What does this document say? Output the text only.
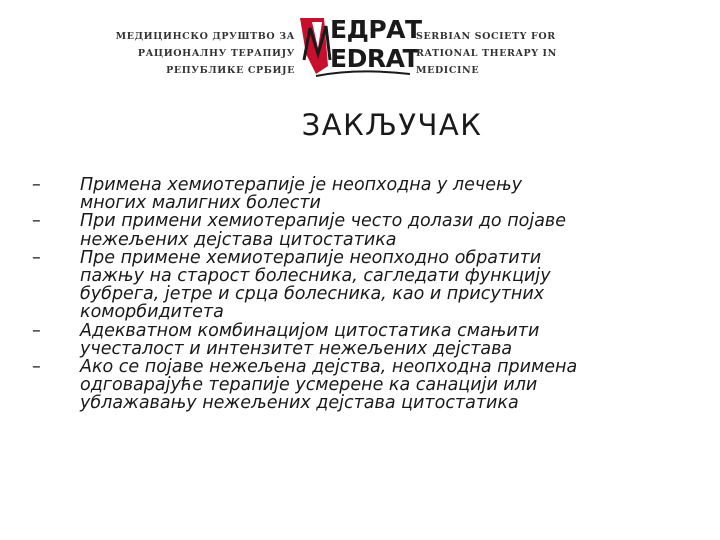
МЕДИЦИНСКО ДРУШТВО ЗА
РАЦИОНАЛНУ ТЕРАПИЈУ РЕПУБЛИКЕ СРБИЈЕ
ЕДРАТ
EDRAT
SERBIAN SOCIETY FOR
RATIONAL THERAPY IN MEDICINE
ЗАКЉУЧАК
– Примена хемиотерапије је неопходна у лечењу
многих малигних болести
– При примени хемиотерапије често долази до појаве
нежељених дејстава цитостатика
– Пре примене хемиотерапије неопходно обратити
пажњу на старост болесника, сагледати функцију
бубрега, јетре и срца болесника, као и присутних
коморбидитета
– Адекватном комбинацијом цитостатика смањити
учесталост и интензитет нежељених дејстава
– Ако се појаве нежељена дејства, неопходна примена
одговарајуће терапије усмерене ка санацији или
ублажавању нежељених дејстава цитостатика
